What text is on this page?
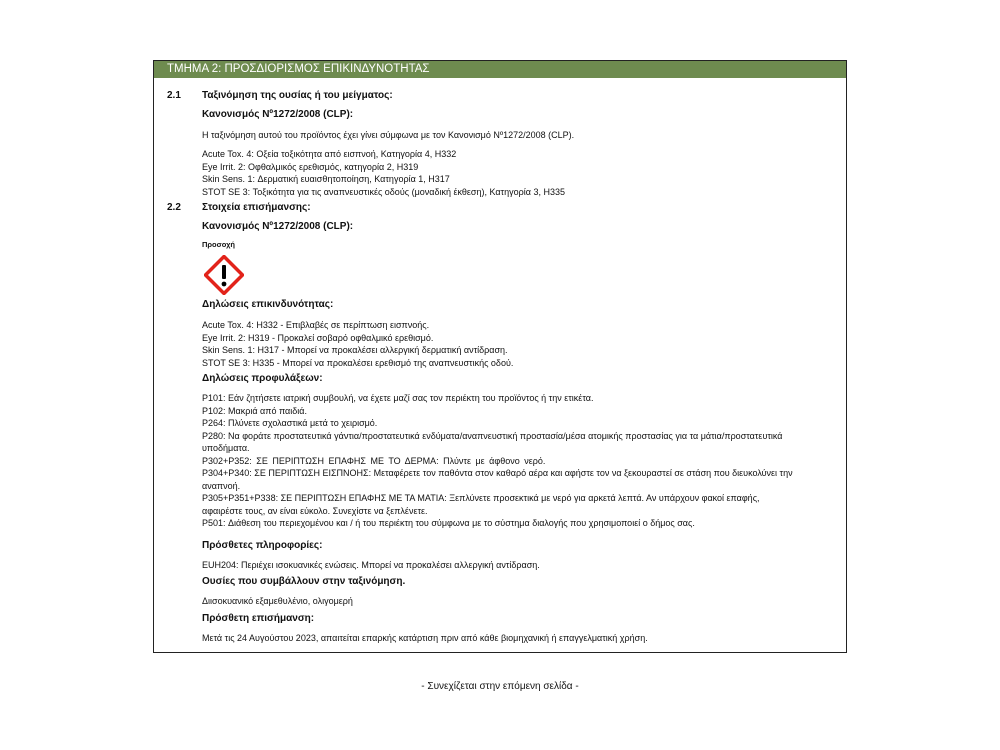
ΤΜΗΜΑ 2: ΠΡΟΣΔΙΟΡΙΣΜΟΣ ΕΠΙΚΙΝΔΥΝΟΤΗΤΑΣ
2.1 Ταξινόμηση της ουσίας ή του μείγματος:
Κανονισμός Nº1272/2008 (CLP):
Η ταξινόμηση αυτού του προϊόντος έχει γίνει σύμφωνα με τον Κανονισμό Nº1272/2008 (CLP).
Acute Tox. 4: Οξεία τοξικότητα από εισπνοή, Κατηγορία 4, H332
Eye Irrit. 2: Οφθαλμικός ερεθισμός, κατηγορία 2, H319
Skin Sens. 1: Δερματική ευαισθητοποίηση, Κατηγορία 1, H317
STOT SE 3: Τοξικότητα για τις αναπνευστικές οδούς (μοναδική έκθεση), Κατηγορία 3, H335
2.2 Στοιχεία επισήμανσης:
Κανονισμός Nº1272/2008 (CLP):
Προσοχή
Δηλώσεις επικινδυνότητας:
Acute Tox. 4: H332 - Επιβλαβές σε περίπτωση εισπνοής.
Eye Irrit. 2: H319 - Προκαλεί σοβαρό οφθαλμικό ερεθισμό.
Skin Sens. 1: H317 - Μπορεί να προκαλέσει αλλεργική δερματική αντίδραση.
STOT SE 3: H335 - Μπορεί να προκαλέσει ερεθισμό της αναπνευστικής οδού.
Δηλώσεις προφυλάξεων:
P101: Εάν ζητήσετε ιατρική συμβουλή, να έχετε μαζί σας τον περιέκτη του προϊόντος ή την ετικέτα.
P102: Μακριά από παιδιά.
P264: Πλύνετε σχολαστικά μετά το χειρισμό.
P280: Να φοράτε προστατευτικά γάντια/προστατευτικά ενδύματα/αναπνευστική προστασία/μέσα ατομικής προστασίας για τα μάτια/προστατευτικά υποδήματα.
P302+P352: ΣΕ ΠΕΡΙΠΤΩΣΗ ΕΠΑΦΗΣ ΜΕ ΤΟ ΔΕΡΜΑ: Πλύντε με άφθονο νερό.
P304+P340: ΣΕ ΠΕΡΙΠΤΩΣΗ ΕΙΣΠΝΟΗΣ: Μεταφέρετε τον παθόντα στον καθαρό αέρα και αφήστε τον να ξεκουραστεί σε στάση που διευκολύνει την αναπνοή.
P305+P351+P338: ΣΕ ΠΕΡΙΠΤΩΣΗ ΕΠΑΦΗΣ ΜΕ ΤΑ ΜΑΤΙΑ: Ξεπλύνετε προσεκτικά με νερό για αρκετά λεπτά. Αν υπάρχουν φακοί επαφής, αφαιρέστε τους, αν είναι εύκολο. Συνεχίστε να ξεπλένετε.
P501: Διάθεση του περιεχομένου και / ή του περιέκτη του σύμφωνα με το σύστημα διαλογής που χρησιμοποιεί ο δήμος σας.
Πρόσθετες πληροφορίες:
EUH204: Περιέχει ισοκυανικές ενώσεις. Μπορεί να προκαλέσει αλλεργική αντίδραση.
Ουσίες που συμβάλλουν στην ταξινόμηση.
Διισοκυανικό εξαμεθυλένιο, ολιγομερή
Πρόσθετη επισήμανση:
Μετά τις 24 Αυγούστου 2023, απαιτείται επαρκής κατάρτιση πριν από κάθε βιομηχανική ή επαγγελματική χρήση.
- Συνεχίζεται στην επόμενη σελίδα -
